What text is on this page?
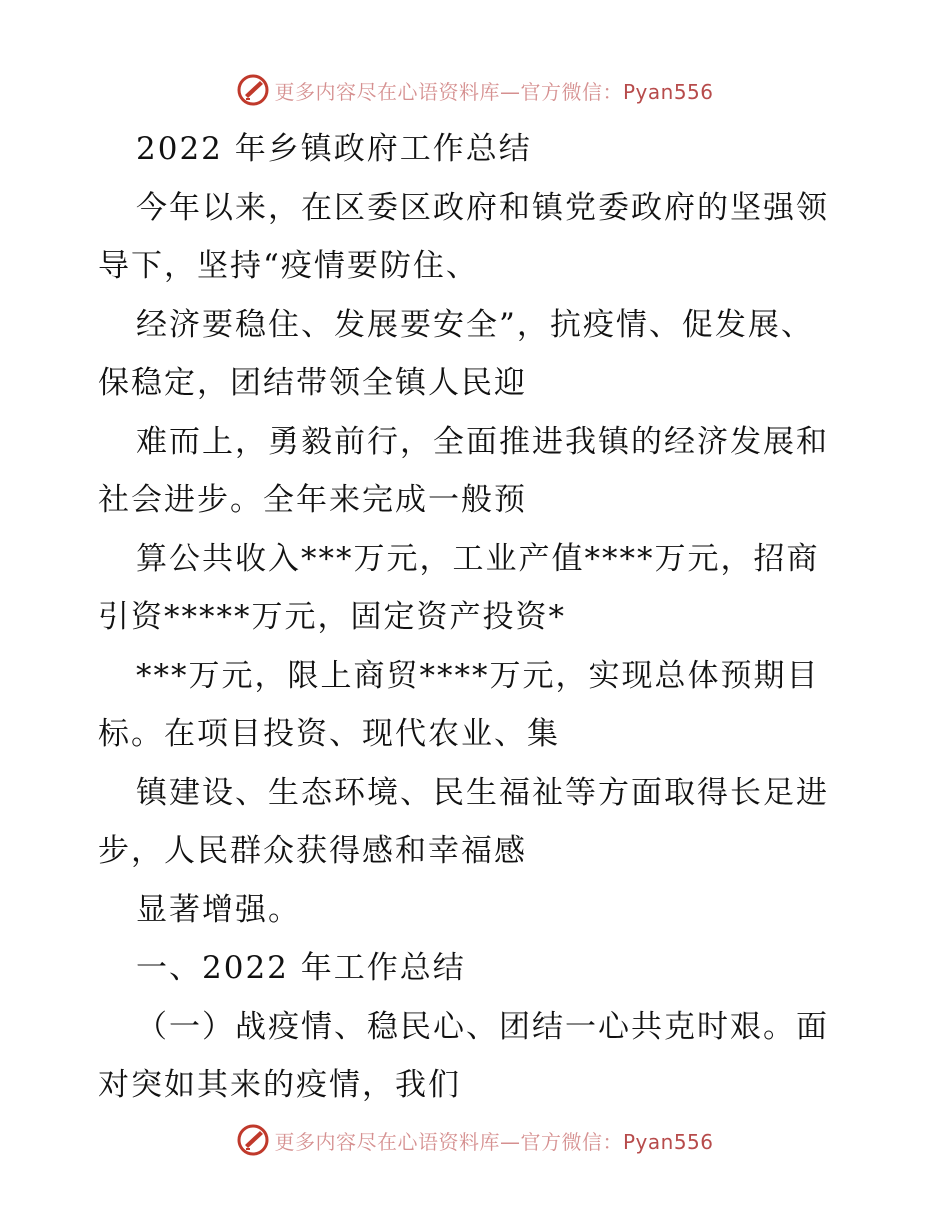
更多内容尽在心语资料库—官方微信：Pyan556
2022 年乡镇政府工作总结
今年以来，在区委区政府和镇党委政府的坚强领
导下，坚持“疫情要防住、
经济要稳住、发展要安全”，抗疫情、促发展、
保稳定，团结带领全镇人民迎
难而上，勇毅前行，全面推进我镇的经济发展和
社会进步。全年来完成一般预
算公共收入***万元，工业产值****万元，招商
引资*****万元，固定资产投资*
***万元，限上商贸****万元，实现总体预期目
标。在项目投资、现代农业、集
镇建设、生态环境、民生福祉等方面取得长足进
步，人民群众获得感和幸福感
显著增强。
一、2022 年工作总结
（一）战疫情、稳民心、团结一心共克时艰。面
对突如其来的疫情，我们
更多内容尽在心语资料库—官方微信：Pyan556
